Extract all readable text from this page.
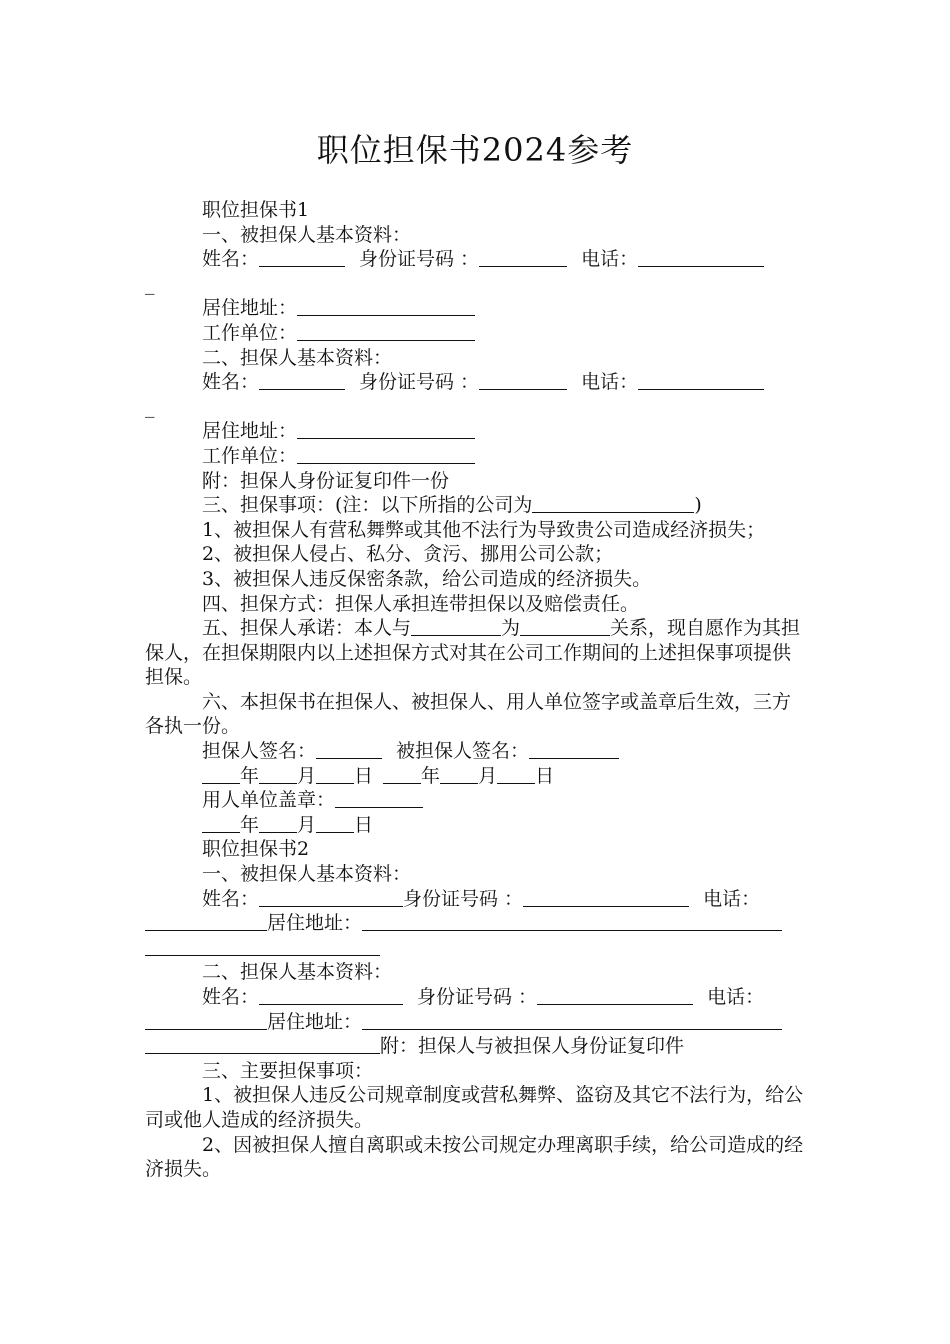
职位担保书2024参考
职位担保书1
一、被担保人基本资料：
姓名：	身份证号码 ：	电话：
_
居住地址：
工作单位：
二、担保人基本资料：
姓名：	身份证号码 ：	电话：
_
居住地址：
工作单位：
附：担保人身份证复印件一份
三、担保事项：(注：以下所指的公司为	)
1、被担保人有营私舞弊或其他不法行为导致贵公司造成经济损失；
2、被担保人侵占、私分、贪污、挪用公司公款；
3、被担保人违反保密条款，给公司造成的经济损失。
四、担保方式：担保人承担连带担保以及赔偿责任。
五、担保人承诺：本人与	为	关系，现自愿作为其担保人，在担保期限内以上述担保方式对其在公司工作期间的上述担保事项提供担保。
六、本担保书在担保人、被担保人、用人单位签字或盖章后生效，三方各执一份。
担保人签名：	被担保人签名：
年 月 日	年 月 日
用人单位盖章：
年 月 日
职位担保书2
一、被担保人基本资料：
姓名：	身份证号码 ：	电话：
居住地址：
二、担保人基本资料：
姓名：	身份证号码 ：	电话：
居住地址：
附：担保人与被担保人身份证复印件
三、主要担保事项：
1、被担保人违反公司规章制度或营私舞弊、盗窃及其它不法行为，给公司或他人造成的经济损失。
2、因被担保人擅自离职或未按公司规定办理离职手续，给公司造成的经济损失。
